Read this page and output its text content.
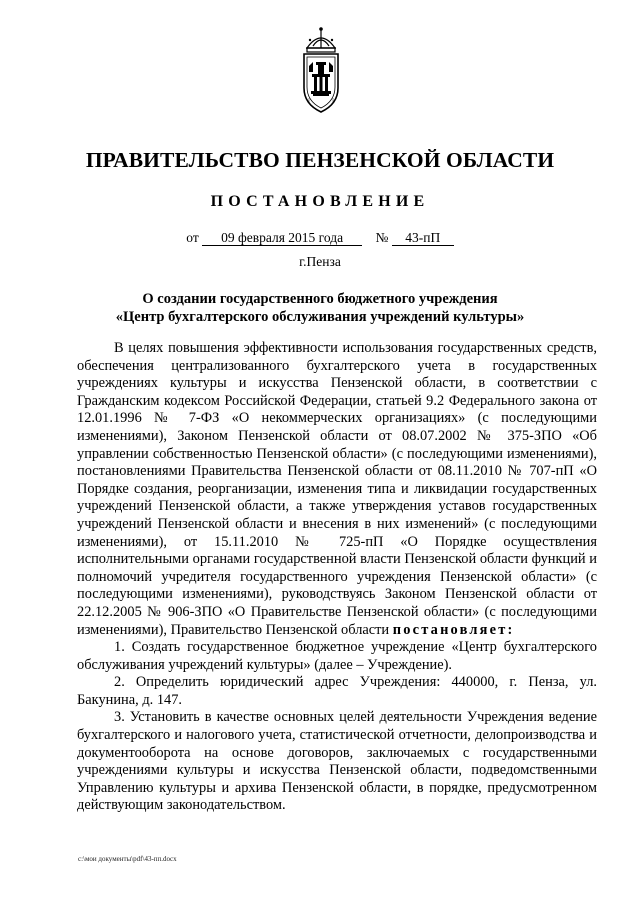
ПРАВИТЕЛЬСТВО ПЕНЗЕНСКОЙ ОБЛАСТИ
ПОСТАНОВЛЕНИЕ
от 09 февраля 2015 года № 43-пП
г.Пенза
О создании государственного бюджетного учреждения
«Центр бухгалтерского обслуживания учреждений культуры»

В целях повышения эффективности использования государственных средств, обеспечения централизованного бухгалтерского учета в государственных учреждениях культуры и искусства Пензенской области, в соответствии с Гражданским кодексом Российской Федерации, статьей 9.2 Федерального закона от 12.01.1996 № 7-ФЗ «О некоммерческих организациях» (с последующими изменениями), Законом Пензенской области от 08.07.2002 № 375-ЗПО «Об управлении собственностью Пензенской области» (с последующими изменениями), постановлениями Правительства Пензенской области от 08.11.2010 № 707-пП «О Порядке создания, реорганизации, изменения типа и ликвидации государственных учреждений Пензенской области, а также утверждения уставов государственных учреждений Пензенской области и внесения в них изменений» (с последующими изменениями), от 15.11.2010 № 725-пП «О Порядке осуществления исполнительными органами государственной власти Пензенской области функций и полномочий учредителя государственного учреждения Пензенской области» (с последующими изменениями), руководствуясь Законом Пензенской области от 22.12.2005 № 906-ЗПО «О Правительстве Пензенской области» (с последующими изменениями), Правительство Пензенской области постановляет:

1. Создать государственное бюджетное учреждение «Центр бухгалтерского обслуживания учреждений культуры» (далее – Учреждение).

2. Определить юридический адрес Учреждения: 440000, г. Пенза, ул. Бакунина, д. 147.

3. Установить в качестве основных целей деятельности Учреждения ведение бухгалтерского и налогового учета, статистической отчетности, делопроизводства и документооборота на основе договоров, заключаемых с государственными учреждениями культуры и искусства Пензенской области, подведомственными Управлению культуры и архива Пензенской области, в порядке, предусмотренном действующим законодательством.

c:\мои документы\pdf\43-пп.docx
